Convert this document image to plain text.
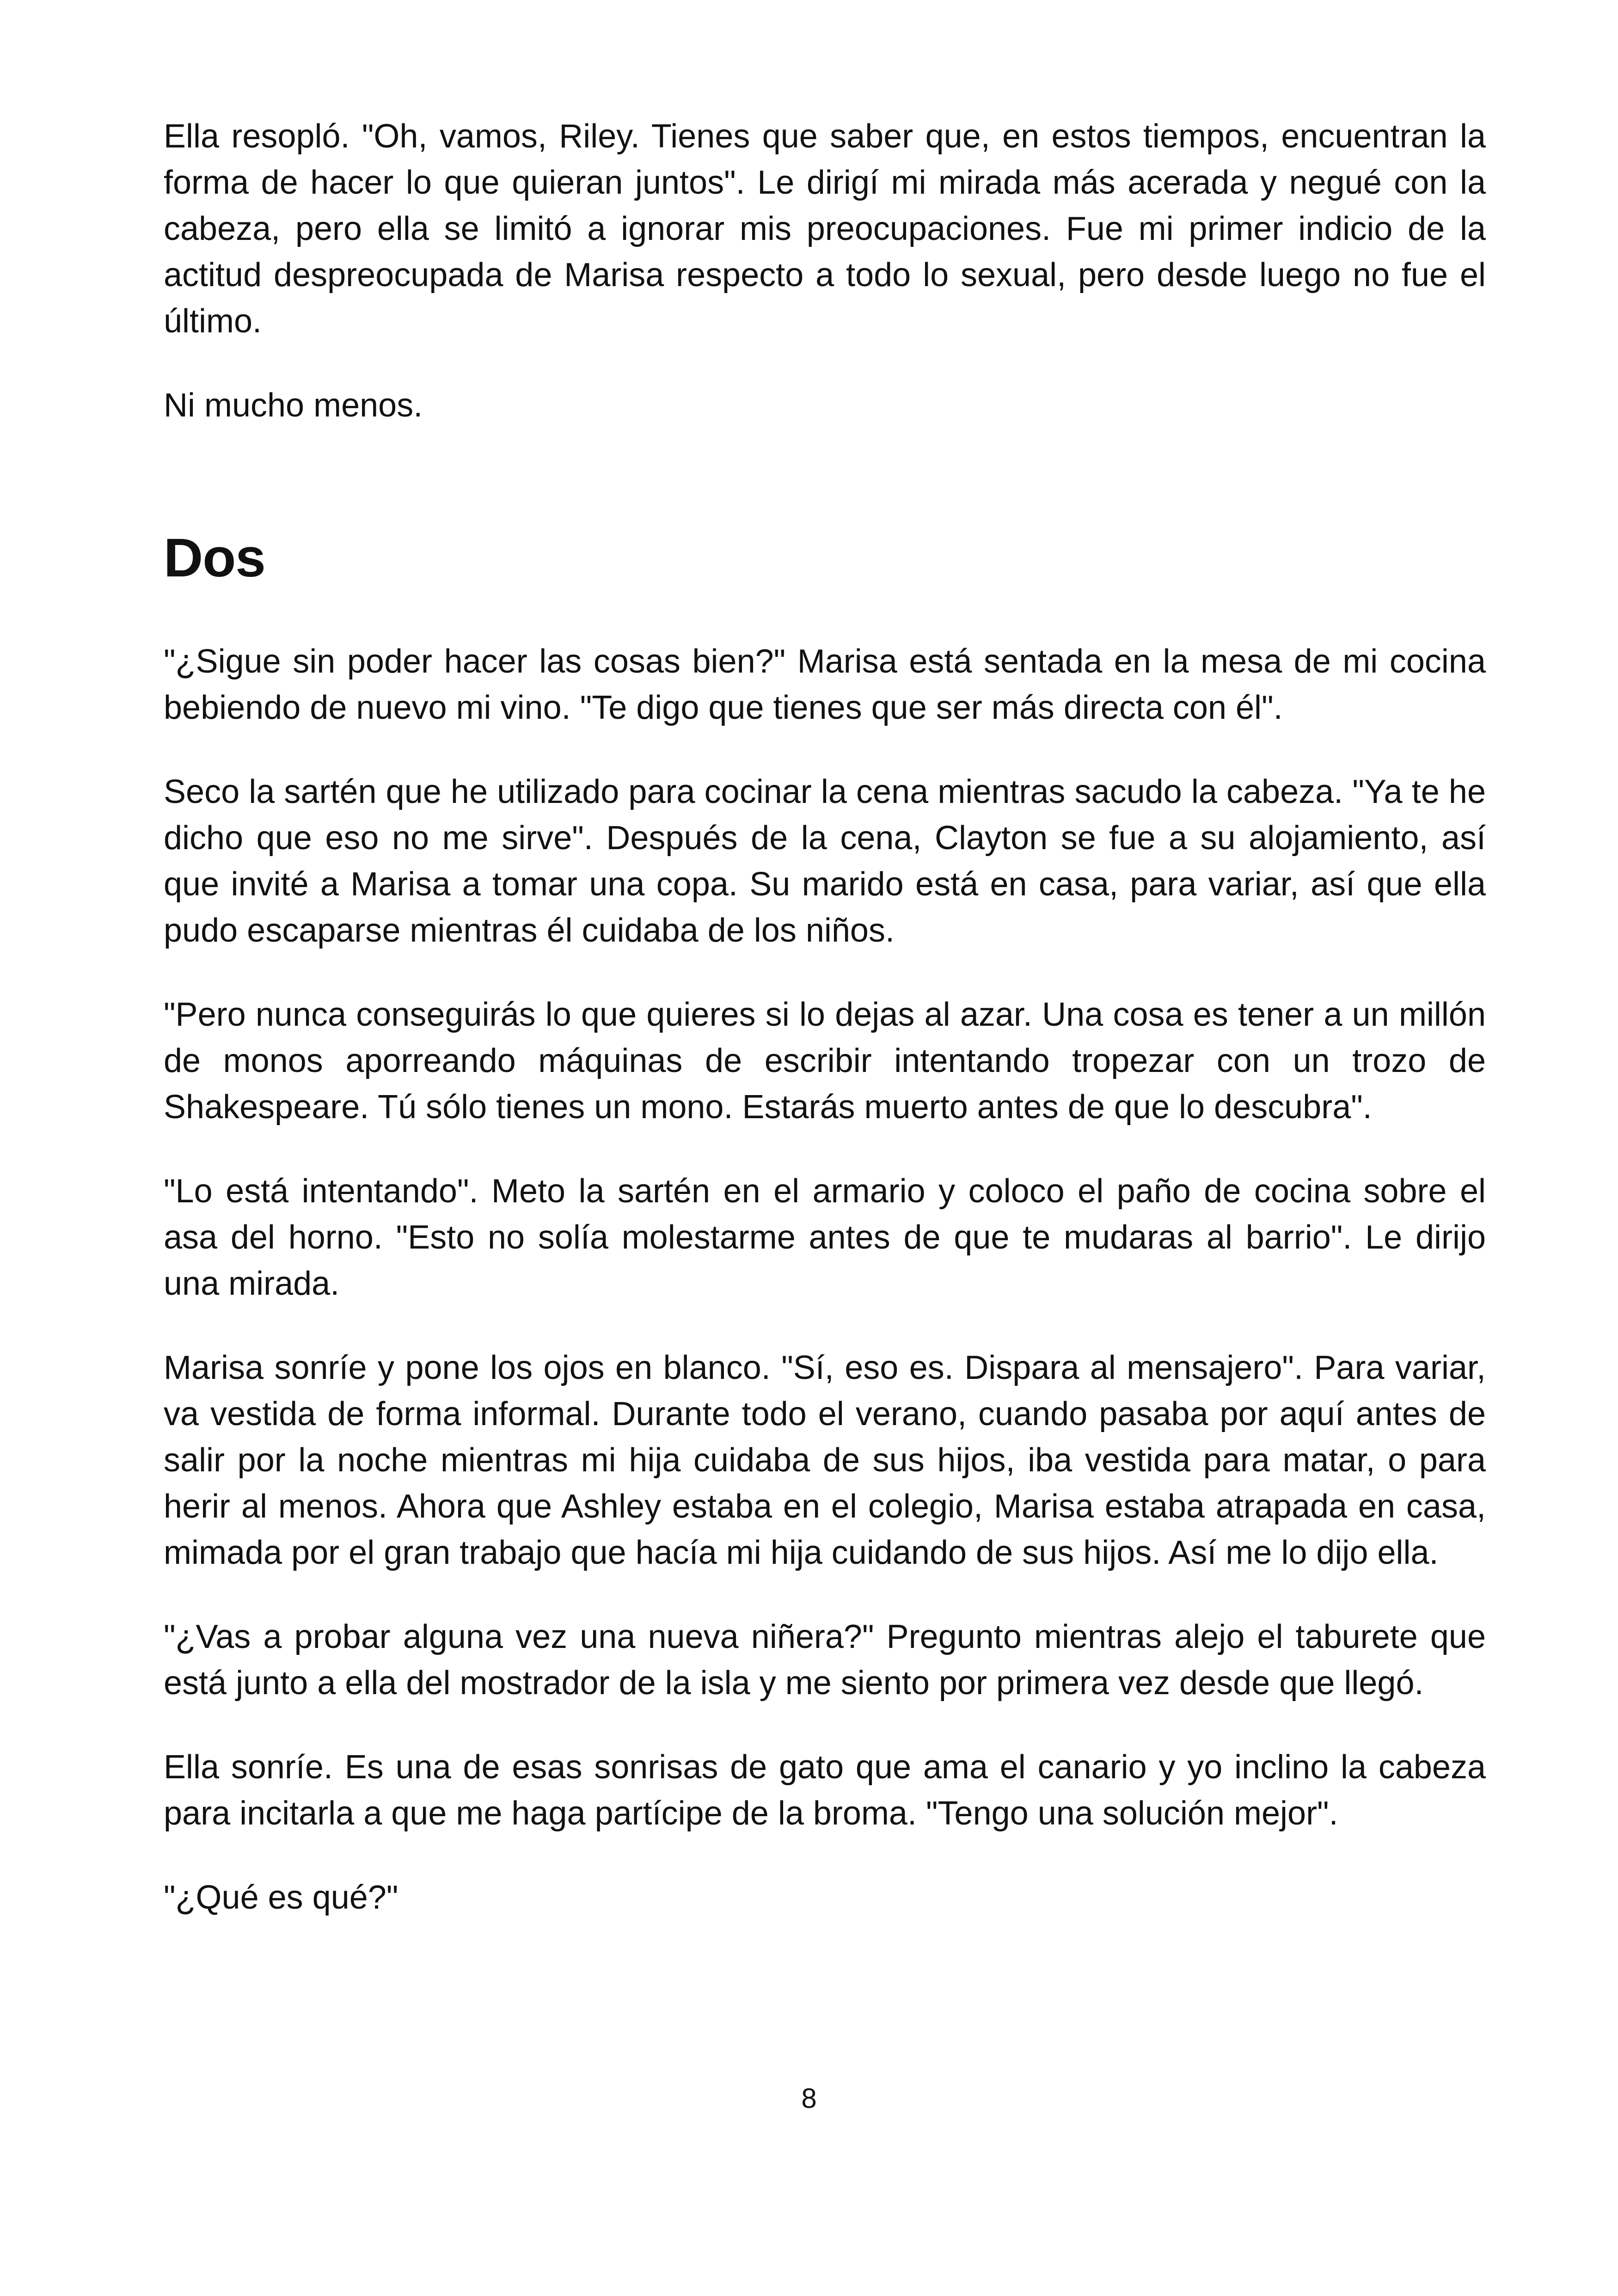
Ella resopló. "Oh, vamos, Riley. Tienes que saber que, en estos tiempos, encuentran la forma de hacer lo que quieran juntos". Le dirigí mi mirada más acerada y negué con la cabeza, pero ella se limitó a ignorar mis preocupaciones. Fue mi primer indicio de la actitud despreocupada de Marisa respecto a todo lo sexual, pero desde luego no fue el último.

Ni mucho menos.

Dos

"¿Sigue sin poder hacer las cosas bien?" Marisa está sentada en la mesa de mi cocina bebiendo de nuevo mi vino. "Te digo que tienes que ser más directa con él".

Seco la sartén que he utilizado para cocinar la cena mientras sacudo la cabeza. "Ya te he dicho que eso no me sirve". Después de la cena, Clayton se fue a su alojamiento, así que invité a Marisa a tomar una copa. Su marido está en casa, para variar, así que ella pudo escaparse mientras él cuidaba de los niños.

"Pero nunca conseguirás lo que quieres si lo dejas al azar. Una cosa es tener a un millón de monos aporreando máquinas de escribir intentando tropezar con un trozo de Shakespeare. Tú sólo tienes un mono. Estarás muerto antes de que lo descubra".

"Lo está intentando". Meto la sartén en el armario y coloco el paño de cocina sobre el asa del horno. "Esto no solía molestarme antes de que te mudaras al barrio". Le dirijo una mirada.

Marisa sonríe y pone los ojos en blanco. "Sí, eso es. Dispara al mensajero". Para variar, va vestida de forma informal. Durante todo el verano, cuando pasaba por aquí antes de salir por la noche mientras mi hija cuidaba de sus hijos, iba vestida para matar, o para herir al menos. Ahora que Ashley estaba en el colegio, Marisa estaba atrapada en casa, mimada por el gran trabajo que hacía mi hija cuidando de sus hijos. Así me lo dijo ella.

"¿Vas a probar alguna vez una nueva niñera?" Pregunto mientras alejo el taburete que está junto a ella del mostrador de la isla y me siento por primera vez desde que llegó.

Ella sonríe. Es una de esas sonrisas de gato que ama el canario y yo inclino la cabeza para incitarla a que me haga partícipe de la broma. "Tengo una solución mejor".

"¿Qué es qué?"

8
